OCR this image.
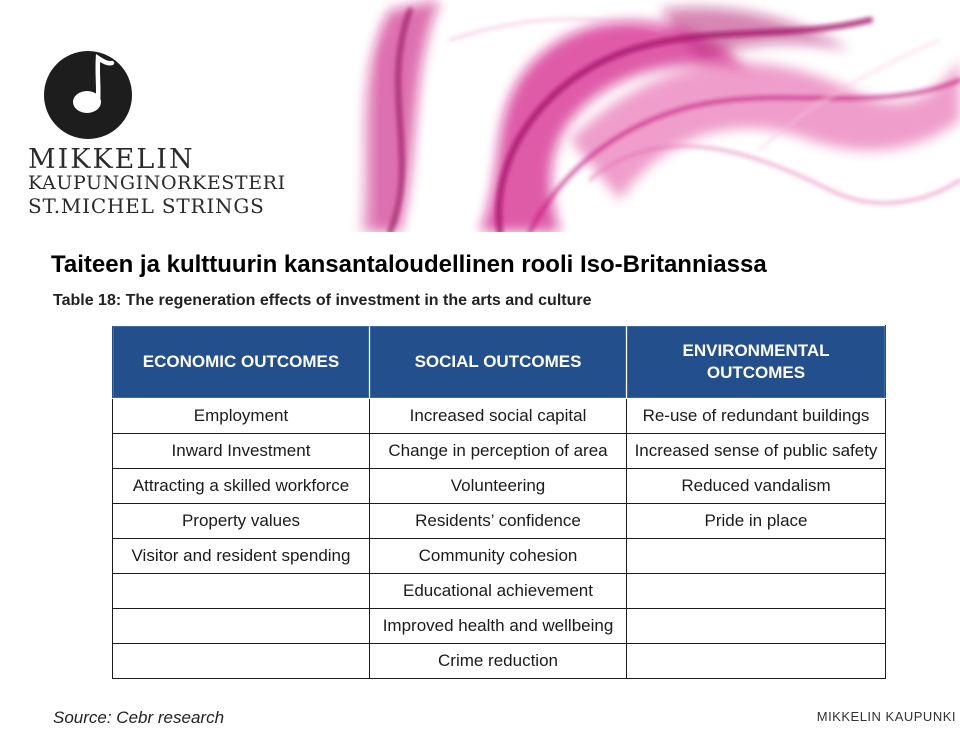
MIKKELIN
KAUPUNGINORKESTERI
ST.MICHEL STRINGS
Taiteen ja kulttuurin kansantaloudellinen rooli Iso-Britanniassa

Table 18: The regeneration effects of investment in the arts and culture

ECONOMIC OUTCOMES	SOCIAL OUTCOMES	ENVIRONMENTAL OUTCOMES
Employment	Increased social capital	Re-use of redundant buildings
Inward Investment	Change in perception of area	Increased sense of public safety
Attracting a skilled workforce	Volunteering	Reduced vandalism
Property values	Residents’ confidence	Pride in place
Visitor and resident spending	Community cohesion	
	Educational achievement	
	Improved health and wellbeing	
	Crime reduction	

Source: Cebr research	MIKKELIN KAUPUNKI
